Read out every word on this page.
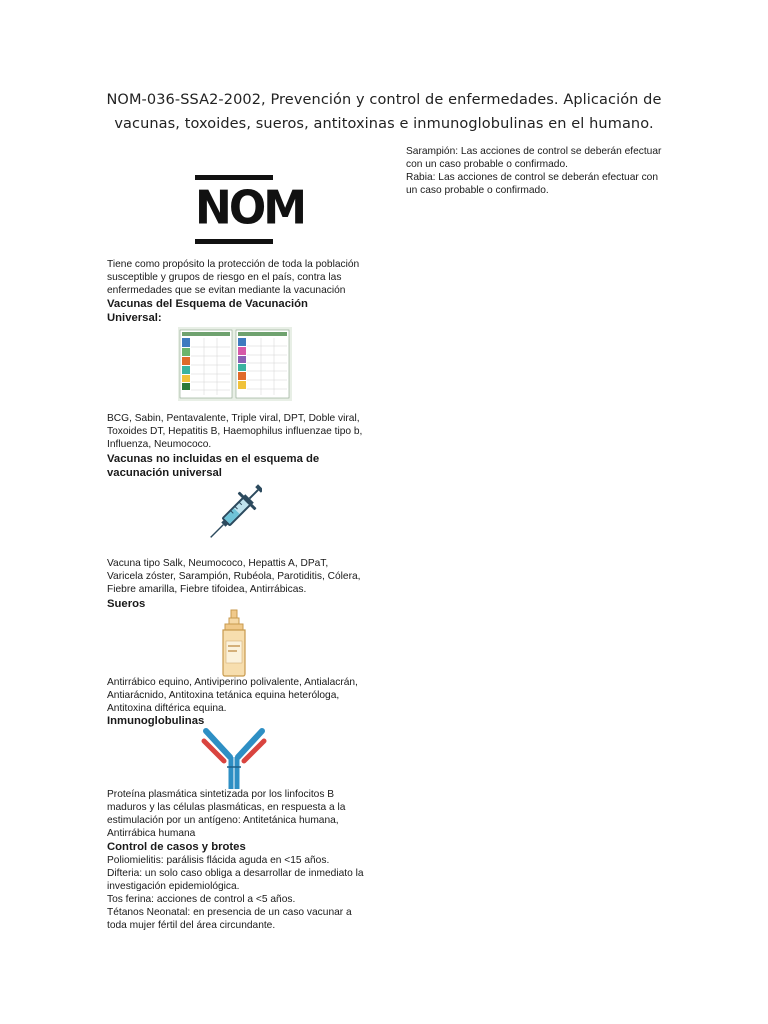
NOM-036-SSA2-2002, Prevención y control de enfermedades. Aplicación de
vacunas, toxoides, sueros, antitoxinas e inmunoglobulinas en el humano.
NOM

Tiene como propósito la protección de toda la población

susceptible y grupos de riesgo en el país, contra las

enfermedades que se evitan mediante la vacunación

Vacunas del Esquema de Vacunación

Universal:

BCG, Sabin, Pentavalente, Triple viral, DPT, Doble viral,

Toxoides DT, Hepatitis B, Haemophilus influenzae tipo b,

Influenza, Neumococo.

Vacunas no incluidas en el esquema de

vacunación universal

Vacuna tipo Salk, Neumococo, Hepattis A, DPaT,

Varicela zóster, Sarampión, Rubéola, Parotiditis, Cólera,

Fiebre amarilla, Fiebre tifoidea, Antirrábicas.

Sueros

Antirrábico equino, Antiviperino polivalente, Antialacrán,

Antiarácnido, Antitoxina tetánica equina heteróloga,

Antitoxina diftérica equina.

Inmunoglobulinas

Proteína plasmática sintetizada por los linfocitos B

maduros y las células plasmáticas, en respuesta a la

estimulación por un antígeno: Antitetánica humana,

Antirrábica humana

Control de casos y brotes

Poliomielitis: parálisis flácida aguda en <15 años.

Difteria: un solo caso obliga a desarrollar de inmediato la

investigación epidemiológica.

Tos ferina: acciones de control a <5 años.

Tétanos Neonatal: en presencia de un caso vacunar a

toda mujer fértil del área circundante.

Sarampión: Las acciones de control se deberán efectuar

con un caso probable o confirmado.

Rabia: Las acciones de control se deberán efectuar con

un caso probable o confirmado.
